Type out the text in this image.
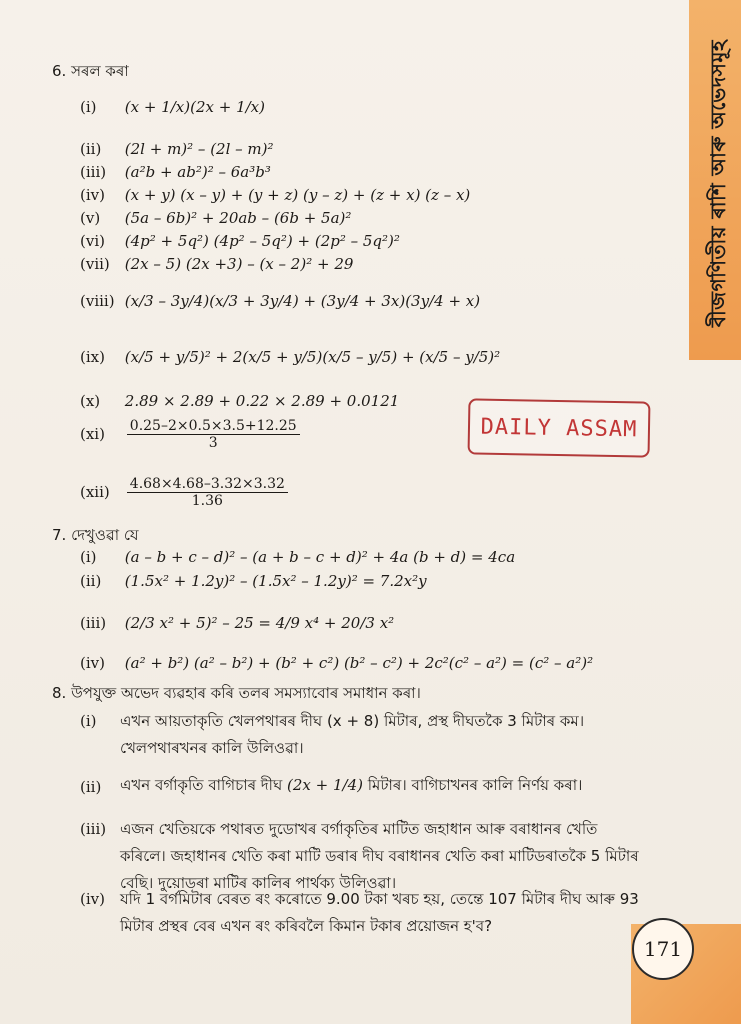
বীজগণিতীয় ৰাশি আৰু অভেদসমূহ
6. সৰল কৰা
(i) (x + 1/x)(2x + 1/x)
(ii) (2l + m)² – (2l – m)²
(iii) (a²b + ab²)² – 6a³b³
(iv) (x + y) (x – y) + (y + z) (y – z) + (z + x) (z – x)
(v) (5a – 6b)² + 20ab – (6b + 5a)²
(vi) (4p² + 5q²) (4p² – 5q²) + (2p² – 5q²)²
(vii) (2x – 5) (2x +3) – (x – 2)² + 29
(viii) (x/3 – 3y/4)(x/3 + 3y/4) + (3y/4 + 3x)(3y/4 + x)
(ix) (x/5 + y/5)² + 2(x/5 + y/5)(x/5 – y/5) + (x/5 – y/5)²
(x) 2.89 × 2.89 + 0.22 × 2.89 + 0.0121
$(xi) \frac{0.25-2\times 0.5\times 3.5+12.25}{3}$
$(xii) \frac{4.68\times 4.68-3.32\times 3.32}{1.36}$
DAILY ASSAM
7. দেখুওৱা যে
(i) (a – b + c – d)² – (a + b – c + d)² + 4a (b + d) = 4ca
(ii) (1.5x² + 1.2y)² – (1.5x² – 1.2y)² = 7.2x²y
(iii) (2/3 x² + 5)² – 25 = 4/9 x⁴ + 20/3 x²
(iv) (a² + b²) (a² – b²) + (b² + c²) (b² – c²) + 2c²(c² – a²) = (c² – a²)²
8. উপযুক্ত অভেদ ব্যৱহাৰ কৰি তলৰ সমস্যাবোৰ সমাধান কৰা।
(i) এখন আয়তাকৃতি খেলপথাৰৰ দীঘ (x + 8) মিটাৰ, প্ৰস্থ দীঘতকৈ 3 মিটাৰ কম। খেলপথাৰখনৰ কালি উলিওৱা।
(ii) এখন বৰ্গাকৃতি বাগিচাৰ দীঘ (2x + 1/4) মিটাৰ। বাগিচাখনৰ কালি নিৰ্ণয় কৰা।
(iii) এজন খেতিয়কে পথাৰত দুডোখৰ বৰ্গাকৃতিৰ মাটিত জহাধান আৰু বৰাধানৰ খেতি কৰিলে। জহাধানৰ খেতি কৰা মাটি ডৰাৰ দীঘ বৰাধানৰ খেতি কৰা মাটিডৰাতকৈ 5 মিটাৰ বেছি। দুয়োডৰা মাটিৰ কালিৰ পাৰ্থক্য উলিওৱা।
(iv) যদি 1 বৰ্গমিটাৰ বেৰত ৰং কৰোতে 9.00 টকা খৰচ হয়, তেন্তে 107 মিটাৰ দীঘ আৰু 93 মিটাৰ প্ৰস্থৰ বেৰ এখন ৰং কৰিবলৈ কিমান টকাৰ প্ৰয়োজন হ'ব?
171
